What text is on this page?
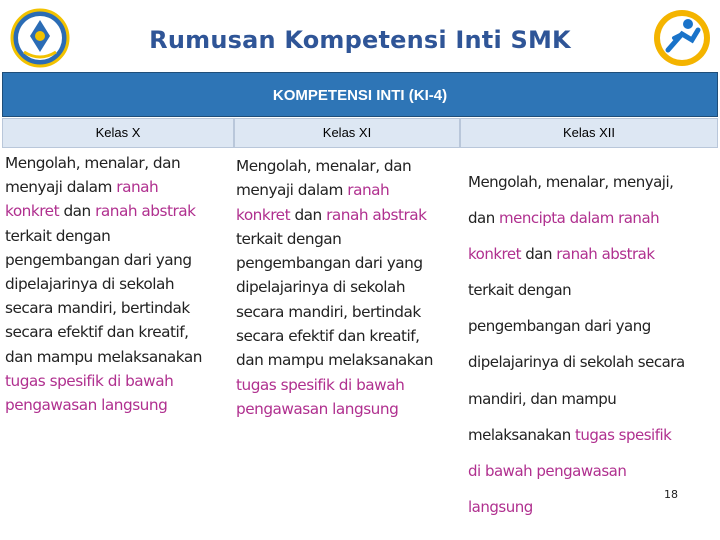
Rumusan Kompetensi Inti SMK
KOMPETENSI INTI (KI-4)
Kelas X	Kelas XI	Kelas XII
Mengolah, menalar, dan
menyaji dalam ranah
konkret dan ranah abstrak
terkait dengan
pengembangan dari yang
dipelajarinya di sekolah
secara mandiri, bertindak
secara efektif dan kreatif,
dan mampu melaksanakan
tugas spesifik di bawah
pengawasan langsung
Mengolah, menalar, dan
menyaji dalam ranah
konkret dan ranah abstrak
terkait dengan
pengembangan dari yang
dipelajarinya di sekolah
secara mandiri, bertindak
secara efektif dan kreatif,
dan mampu melaksanakan
tugas spesifik di bawah
pengawasan langsung
Mengolah, menalar, menyaji,
dan mencipta dalam ranah
konkret dan ranah abstrak
terkait dengan
pengembangan dari yang
dipelajarinya di sekolah secara
mandiri, dan mampu
melaksanakan tugas spesifik
di bawah pengawasan
langsung
18
